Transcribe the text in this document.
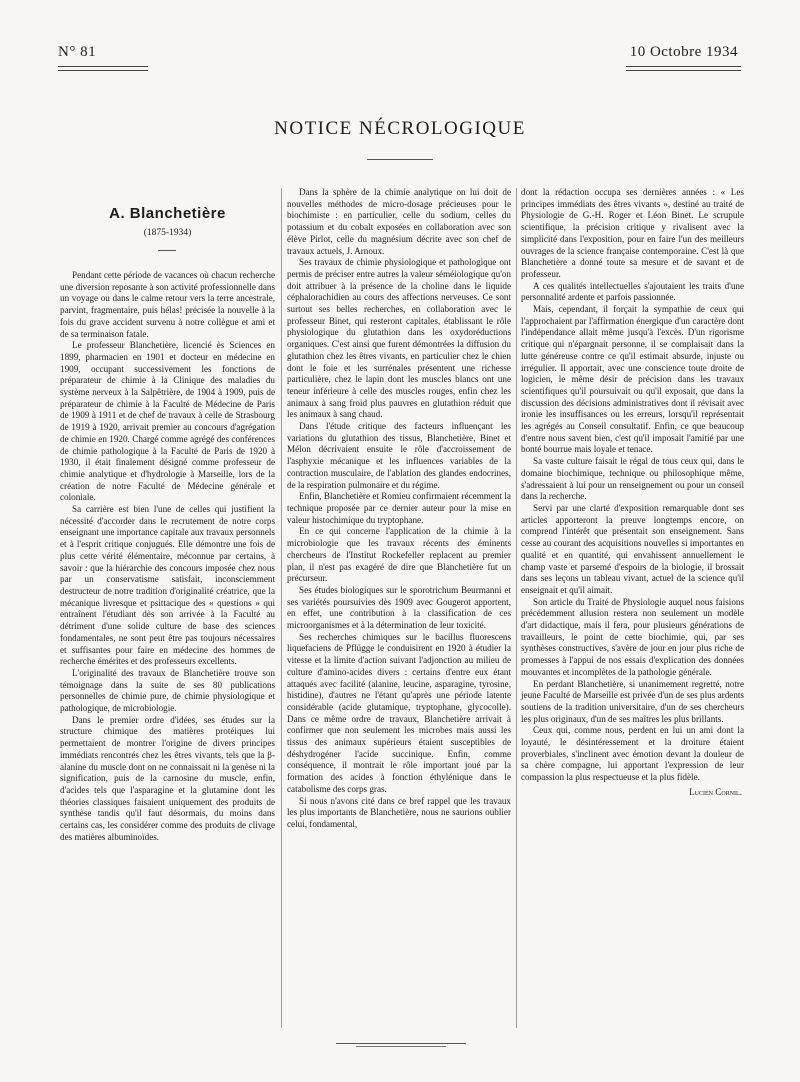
N° 81	10 Octobre 1934
NOTICE NÉCROLOGIQUE
A. Blanchetière
(1875-1934)

Pendant cette période de vacances où chacun recherche une diversion reposante à son activité professionnelle dans un voyage ou dans le calme retour vers la terre ancestrale, parvint, fragmentaire, puis hélas! précisée la nouvelle à la fois du grave accident survenu à notre collègue et ami et de sa terminaison fatale.

Le professeur Blanchetière, licencié ès Sciences en 1899, pharmacien en 1901 et docteur en médecine en 1909, occupant successivement les fonctions de préparateur de chimie à la Clinique des maladies du système nerveux à la Salpêtrière, de 1904 à 1909, puis de préparateur de chimie à la Faculté de Médecine de Paris de 1909 à 1911 et de chef de travaux à celle de Strasbourg de 1919 à 1920, arrivait premier au concours d'agrégation de chimie en 1920. Chargé comme agrégé des conférences de chimie pathologique à la Faculté de Paris de 1920 à 1930, il était finalement désigné comme professeur de chimie analytique et d'hydrologie à Marseille, lors de la création de notre Faculté de Médecine générale et coloniale.

Sa carrière est bien l'une de celles qui justifient la nécessité d'accorder dans le recrutement de notre corps enseignant une importance capitale aux travaux personnels et à l'esprit critique conjugués. Elle démontre une fois de plus cette vérité élémentaire, méconnue par certains, à savoir : que la hiérarchie des concours imposée chez nous par un conservatisme satisfait, inconsciemment destructeur de notre tradition d'originalité créatrice, que la mécanique livresque et psittacique des « questions » qui entraînent l'étudiant dès son arrivée à la Faculté au détriment d'une solide culture de base des sciences fondamentales, ne sont peut être pas toujours nécessaires et suffisantes pour faire en médecine des hommes de recherche émérites et des professeurs excellents.

L'originalité des travaux de Blanchetière trouve son témoignage dans la suite de ses 80 publications personnelles de chimie pure, de chimie physiologique et pathologique, de microbiologie.

Dans le premier ordre d'idées, ses études sur la structure chimique des matières protéiques lui permettaient de montrer l'origine de divers principes immédiats rencontrés chez les êtres vivants, tels que la β-alanine du muscle dont on ne connaissait ni la genèse ni la signification, puis de la carnosine du muscle, enfin, d'acides tels que l'asparagine et la glutamine dont les théories classiques faisaient uniquement des produits de synthèse tandis qu'il faut désormais, du moins dans certains cas, les considérer comme des produits de clivage des matières albuminoïdes.

Dans la sphère de la chimie analytique on lui doit de nouvelles méthodes de micro-dosage précieuses pour le biochimiste : en particulier, celle du sodium, celles du potassium et du cobalt exposées en collaboration avec son élève Pirlot, celle du magnésium décrite avec son chef de travaux actuels, J. Arnoux.

Ses travaux de chimie physiologique et pathologique ont permis de préciser entre autres la valeur séméiologique qu'on doit attribuer à la présence de la choline dans le liquide céphalorachidien au cours des affections nerveuses. Ce sont surtout ses belles recherches, en collaboration avec le professeur Binet, qui resteront capitales, établissant le rôle physiologique du glutathion dans les oxydoréductions organiques. C'est ainsi que furent démontrées la diffusion du glutathion chez les êtres vivants, en particulier chez le chien dont le foie et les surrénales présentent une richesse particulière, chez le lapin dont les muscles blancs ont une teneur inférieure à celle des muscles rouges, enfin chez les animaux à sang froid plus pauvres en glutathion réduit que les animaux à sang chaud.

Dans l'étude critique des facteurs influençant les variations du glutathion des tissus, Blanchetière, Binet et Mélon décrivaient ensuite le rôle d'accroissement de l'asphyxie mécanique et les influences variables de la contraction musculaire, de l'ablation des glandes endocrines, de la respiration pulmonaire et du régime.

Enfin, Blanchetière et Romieu confirmaient récemment la technique proposée par ce dernier auteur pour la mise en valeur histochimique du tryptophane.

En ce qui concerne l'application de la chimie à la microbiologie que les travaux récents des éminents chercheurs de l'Institut Rockefeller replacent au premier plan, il n'est pas exagéré de dire que Blanchetière fut un précurseur.

Ses études biologiques sur le sporotrichum Beurmanni et ses variétés poursuivies dès 1909 avec Gougerot apportent, en effet, une contribution à la classification de ces microorganismes et à la détermination de leur toxicité.

Ses recherches chimiques sur le bacillus fluorescens liquefaciens de Pflügge le conduisirent en 1920 à étudier la vitesse et la limite d'action suivant l'adjonction au milieu de culture d'amino-acides divers : certains d'entre eux étant attaqués avec facilité (alanine, leucine, asparagine, tyrosine, histidine), d'autres ne l'étant qu'après une période latente considérable (acide glutamique, tryptophane, glycocolle). Dans ce même ordre de travaux, Blanchetière arrivait à confirmer que non seulement les microbes mais aussi les tissus des animaux supérieurs étaient susceptibles de déshydrogéner l'acide succinique. Enfin, comme conséquence, il montrait le rôle important joué par la formation des acides à fonction éthylénique dans le catabolisme des corps gras.

Si nous n'avons cité dans ce bref rappel que les travaux les plus importants de Blanchetière, nous ne saurions oublier celui, fondamental,

dont la rédaction occupa ses dernières années : « Les principes immédiats des êtres vivants », destiné au traité de Physiologie de G.-H. Roger et Léon Binet. Le scrupule scientifique, la précision critique y rivalisent avec la simplicité dans l'exposition, pour en faire l'un des meilleurs ouvrages de la science française contemporaine. C'est là que Blanchetière a donné toute sa mesure et de savant et de professeur.

A ces qualités intellectuelles s'ajoutaient les traits d'une personnalité ardente et parfois passionnée.

Mais, cependant, il forçait la sympathie de ceux qui l'approchaient par l'affirmation énergique d'un caractère dont l'indépendance allait même jusqu'à l'excès. D'un rigorisme critique qui n'épargnait personne, il se complaisait dans la lutte généreuse contre ce qu'il estimait absurde, injuste ou irrégulier. Il apportait, avec une conscience toute droite de logicien, le même désir de précision dans les travaux scientifiques qu'il poursuivait ou qu'il exposait, que dans la discussion des décisions administratives dont il révisait avec ironie les insuffisances ou les erreurs, lorsqu'il représentait les agrégés au Conseil consultatif. Enfin, ce que beaucoup d'entre nous savent bien, c'est qu'il imposait l'amitié par une bonté bourrue mais loyale et tenace.

Sa vaste culture faisait le régal de tous ceux qui, dans le domaine biochimique, technique ou philosophique même, s'adressaient à lui pour un renseignement ou pour un conseil dans la recherche.

Servi par une clarté d'exposition remarquable dont ses articles apporteront la preuve longtemps encore, on comprend l'intérêt que présentait son enseignement. Sans cesse au courant des acquisitions nouvelles si importantes en qualité et en quantité, qui envahissent annuellement le champ vaste et parsemé d'espoirs de la biologie, il brossait dans ses leçons un tableau vivant, actuel de la science qu'il enseignait et qu'il aimait.

Son article du Traité de Physiologie auquel nous faisions précédemment allusion restera non seulement un modèle d'art didactique, mais il fera, pour plusieurs générations de travailleurs, le point de cette biochimie, qui, par ses synthèses constructives, s'avère de jour en jour plus riche de promesses à l'appui de nos essais d'explication des données mouvantes et incomplètes de la pathologie générale.

En perdant Blanchetière, si unanimement regretté, notre jeune Faculté de Marseille est privée d'un de ses plus ardents soutiens de la tradition universitaire, d'un de ses chercheurs les plus originaux, d'un de ses maîtres les plus brillants.

Ceux qui, comme nous, perdent en lui un ami dont la loyauté, le désintéressement et la droiture étaient proverbiales, s'inclinent avec émotion devant la douleur de sa chère compagne, lui apportant l'expression de leur compassion la plus respectueuse et la plus fidèle.

Lucien Cornil.
